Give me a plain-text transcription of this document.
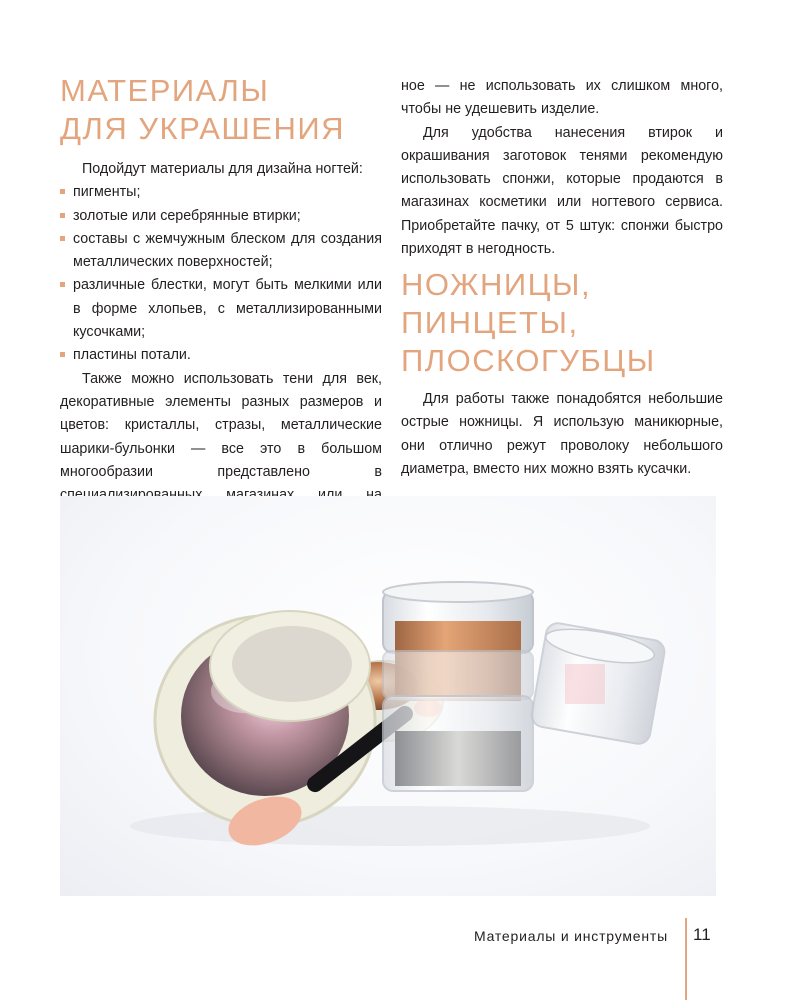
МАТЕРИАЛЫ
ДЛЯ УКРАШЕНИЯ

Подойдут материалы для дизайна ногтей:

пигменты;
золотые или серебрянные втирки;
составы с жемчужным блеском для создания металлических поверхностей;
различные блестки, могут быть мелкими или в форме хлопьев, с металлизированными кусочками;
пластины потали.

Также можно использовать тени для век, декоративные элементы разных размеров и цветов: кристаллы, стразы, металлические шарики-бульонки — все это в большом многообразии представлено в

ное — не использовать их слишком много, чтобы не удешевить изделие.

Для удобства нанесения втирок и окрашивания заготовок тенями рекомендую использовать спонжи, которые продаются в магазинах косметики или ногтевого сервиса. Приобретайте пачку, от 5 штук: спонжи быстро приходят в негодность.

НОЖНИЦЫ,
ПИНЦЕТЫ,
ПЛОСКОГУБЦЫ

Для работы также понадобятся небольшие острые ножницы. Я использую маникюрные, они отлично режут проволоку небольшого диаметра, вместо них можно взять кусачки.

Материалы и инструменты 11
